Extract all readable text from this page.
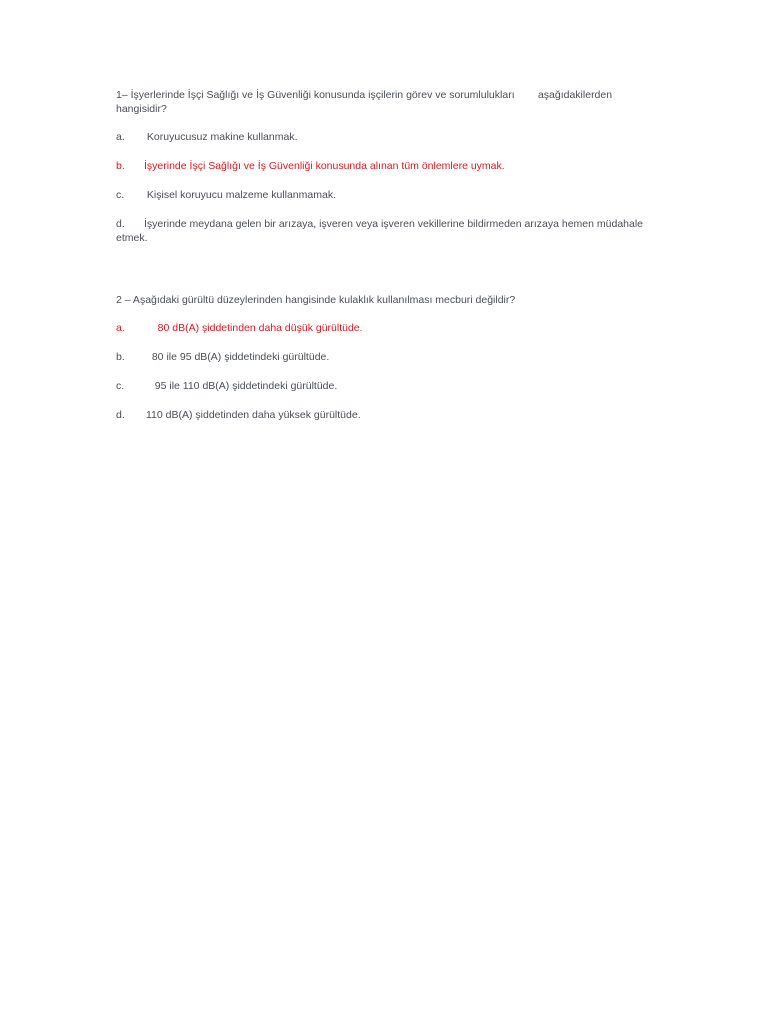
1– İşyerlerinde İşçi Sağlığı ve İş Güvenliği konusunda işçilerin görev ve sorumlulukları        aşağıdakilerden hangisidir?

a.	Koruyucusuz makine kullanmak.
b.	İşyerinde İşçi Sağlığı ve İş Güvenliği konusunda alınan tüm önlemlere uymak.
c.	Kişisel koruyucu malzeme kullanmamak.
d. İşyerinde meydana gelen bir arızaya, işveren veya işveren vekillerine bildirmeden arızaya hemen müdahale etmek.

2 – Aşağıdaki gürültü düzeylerinden hangisinde kulaklık kullanılması mecburi değildir?

a.	80 dB(A) şiddetinden daha düşük gürültüde.
b.	80 ile 95 dB(A) şiddetindeki gürültüde.
c.	95 ile 110 dB(A) şiddetindeki gürültüde.
d.	110 dB(A) şiddetinden daha yüksek gürültüde.
